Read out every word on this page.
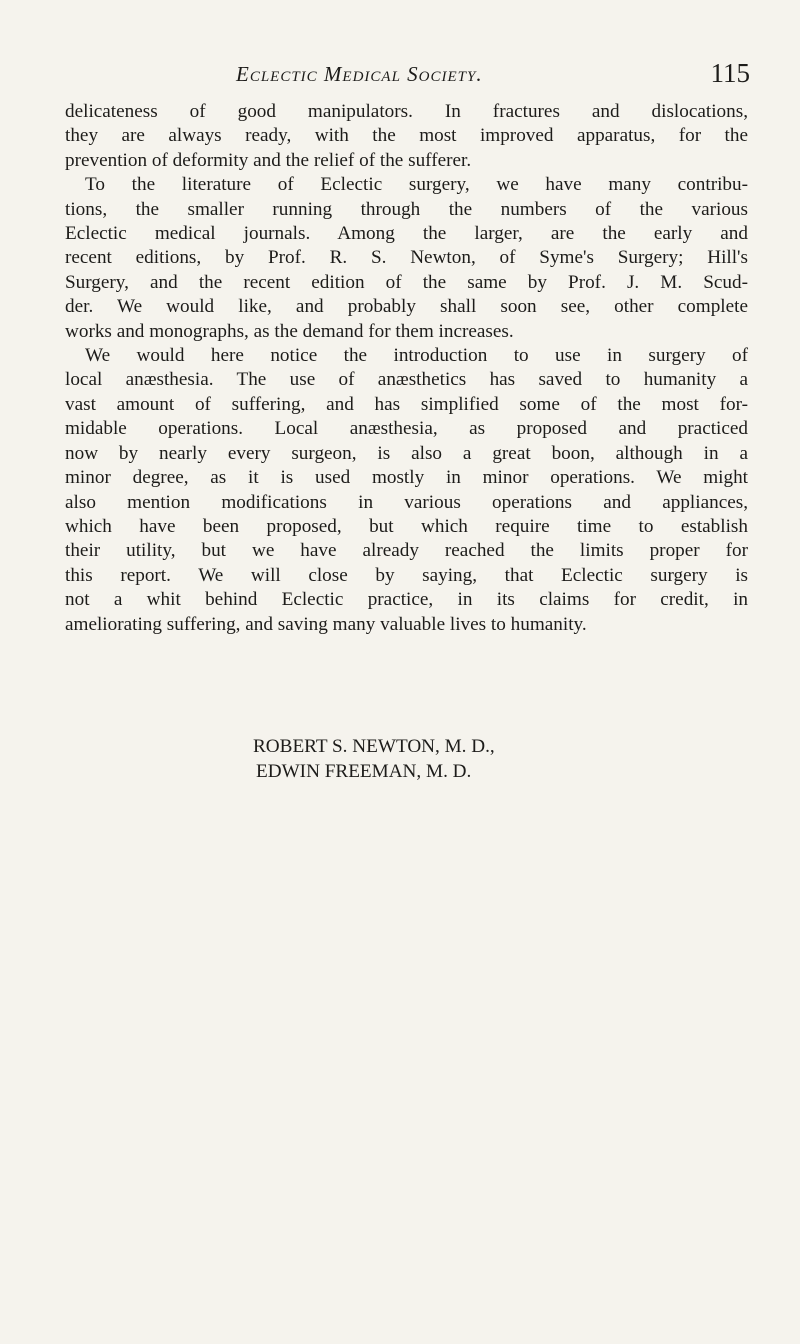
Eclectic Medical Society.	115
delicateness of good manipulators. In fractures and dislocations,
they are always ready, with the most improved apparatus, for the
prevention of deformity and the relief of the sufferer.
To the literature of Eclectic surgery, we have many contribu-
tions, the smaller running through the numbers of the various
Eclectic medical journals. Among the larger, are the early and
recent editions, by Prof. R. S. Newton, of Syme's Surgery; Hill's
Surgery, and the recent edition of the same by Prof. J. M. Scud-
der. We would like, and probably shall soon see, other complete
works and monographs, as the demand for them increases.
We would here notice the introduction to use in surgery of
local anæsthesia. The use of anæsthetics has saved to humanity a
vast amount of suffering, and has simplified some of the most for-
midable operations. Local anæsthesia, as proposed and practiced
now by nearly every surgeon, is also a great boon, although in a
minor degree, as it is used mostly in minor operations. We might
also mention modifications in various operations and appliances,
which have been proposed, but which require time to establish
their utility, but we have already reached the limits proper for
this report. We will close by saying, that Eclectic surgery is
not a whit behind Eclectic practice, in its claims for credit, in
ameliorating suffering, and saving many valuable lives to humanity.
ROBERT S. NEWTON, M. D.,
EDWIN FREEMAN, M. D.
